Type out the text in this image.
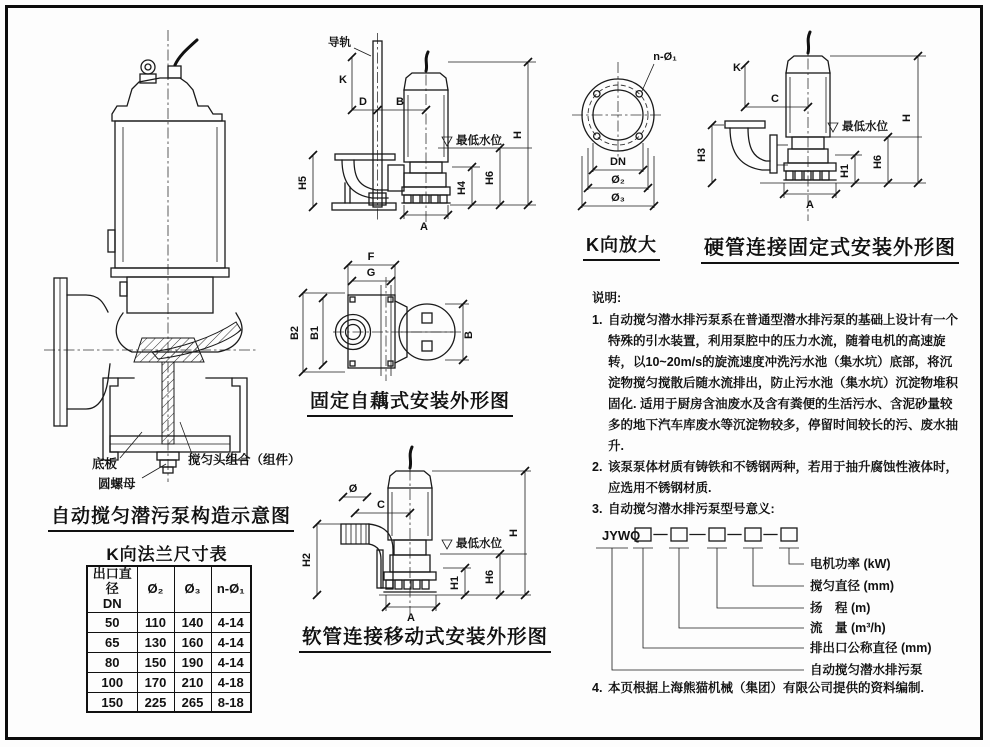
底板
圆螺母
搅匀头组合（组件）
自动搅匀潜污泵构造示意图
K向法兰尺寸表
出口直径
DN	Ø₂	Ø₃	n-Ø₁
50	110	140	4-14
65	130	160	4-14
80	150	190	4-14
100	170	210	4-18
150	225	265	8-18
导轨
最低水位
K
D	B
H5
H
H6
H4
A
F
G
B2 B1	B
固定自藕式安装外形图
最低水位
Ø
C
H2
H
H6
H1
A
软管连接移动式安装外形图
n-Ø₁
DN
Ø₂
Ø₃
K向放大
最低水位
K
C
H3
H
H6
H1
A
硬管连接固定式安装外形图
说明:
1. 自动搅匀潜水排污泵系在普通型潜水排污泵的基础上设计有一个特殊的引水装置，利用泵腔中的压力水流，随着电机的高速旋转，以10~20m/s的旋流速度冲洗污水池（集水坑）底部，将沉淀物搅匀搅散后随水流排出，防止污水池（集水坑）沉淀物堆积固化. 适用于厨房含油废水及含有粪便的生活污水、含泥砂量较多的地下汽车库废水等沉淀物较多，停留时间较长的污、废水抽升.
2. 该泵泵体材质有铸铁和不锈钢两种，若用于抽升腐蚀性液体时，应选用不锈钢材质.
3. 自动搅匀潜水排污泵型号意义:
JYWQ
电机功率 (kW)
搅匀直径 (mm)
扬　程 (m)
流　量 (m³/h)
排出口公称直径 (mm)
自动搅匀潜水排污泵
4. 本页根据上海熊猫机械（集团）有限公司提供的资料编制.
